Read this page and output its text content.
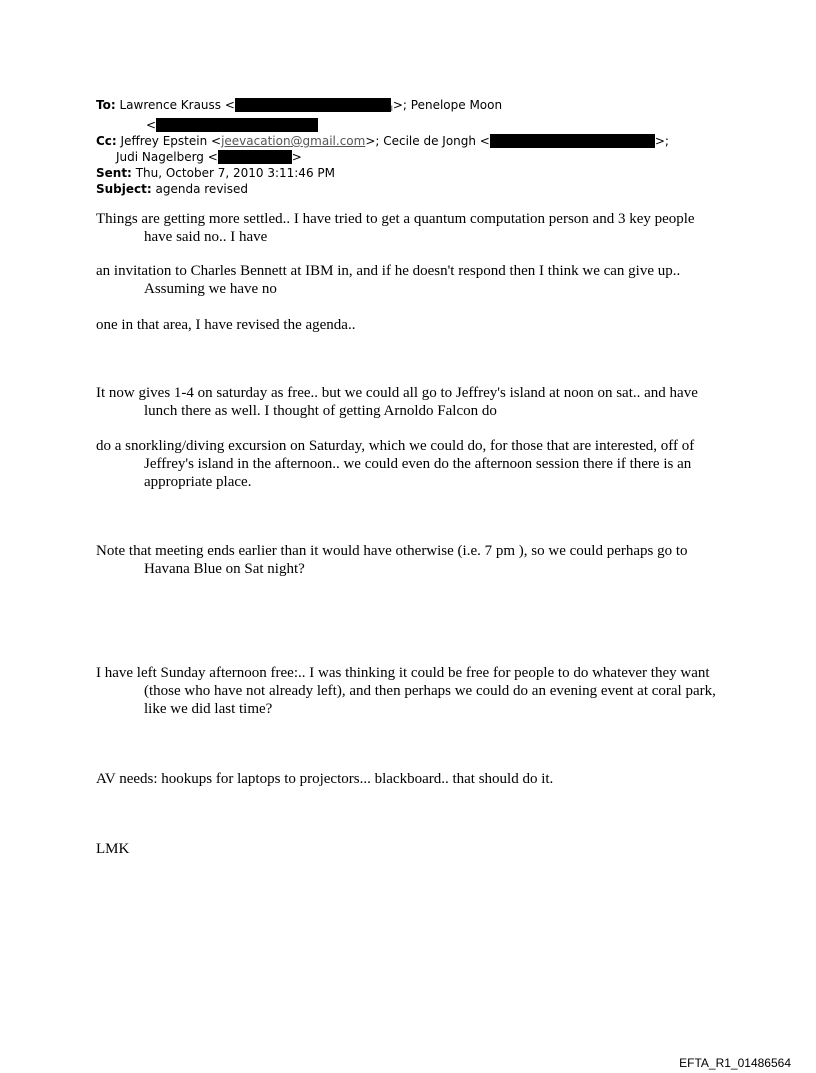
To: Lawrence Krauss <	l>; Penelope Moon
<
Cc: Jeffrey Epstein <jeevacation@gmail.com>; Cecile de Jongh <	>;
Judi Nagelberg <	>
Sent: Thu, October 7, 2010 3:11:46 PM
Subject: agenda revised

Things are getting more settled.. I have tried to get a quantum computation person and 3 key people have said no.. I have

an invitation to Charles Bennett at IBM in, and if he doesn't respond then I think we can give up.. Assuming we have no

one in that area, I have revised the agenda..

It now gives 1-4 on saturday as free.. but we could all go to Jeffrey's island at noon on sat.. and have lunch there as well. I thought of getting Arnoldo Falcon do

do a snorkling/diving excursion on Saturday, which we could do, for those that are interested, off of Jeffrey's island in the afternoon.. we could even do the afternoon session there if there is an appropriate place.

Note that meeting ends earlier than it would have otherwise (i.e. 7 pm ), so we could perhaps go to Havana Blue on Sat night?

I have left Sunday afternoon free:.. I was thinking it could be free for people to do whatever they want (those who have not already left), and then perhaps we could do an evening event at coral park, like we did last time?

AV needs: hookups for laptops to projectors... blackboard.. that should do it.

LMK

EFTA_R1_01486564
